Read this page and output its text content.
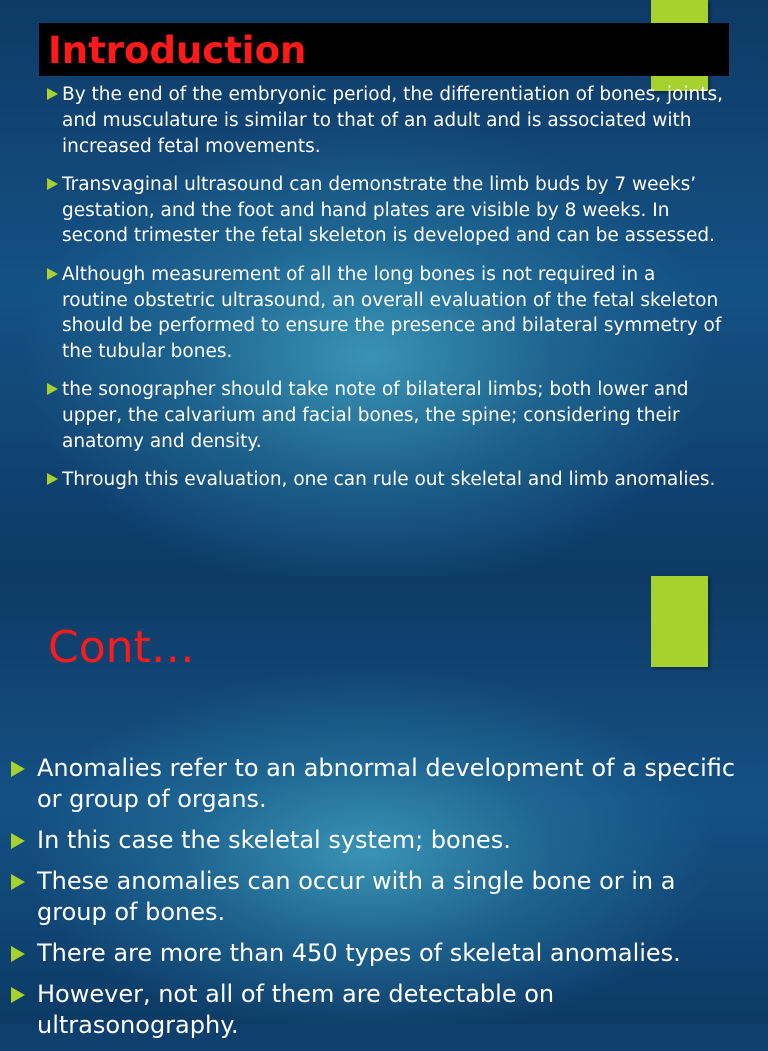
Introduction
By the end of the embryonic period, the differentiation of bones, joints, and musculature is similar to that of an adult and is associated with increased fetal movements.
Transvaginal ultrasound can demonstrate the limb buds by 7 weeks’ gestation, and the foot and hand plates are visible by 8 weeks. In second trimester the fetal skeleton is developed and can be assessed.
Although measurement of all the long bones is not required in a routine obstetric ultrasound, an overall evaluation of the fetal skeleton should be performed to ensure the presence and bilateral symmetry of the tubular bones.
the sonographer should take note of bilateral limbs; both lower and upper, the calvarium and facial bones, the spine; considering their anatomy and density.
Through this evaluation, one can rule out skeletal and limb anomalies.
Cont…
Anomalies refer to an abnormal development of a specific or group of organs.
In this case the skeletal system; bones.
These anomalies can occur with a single bone or in a group of bones.
There are more than 450 types of skeletal anomalies.
However, not all of them are detectable on ultrasonography.
